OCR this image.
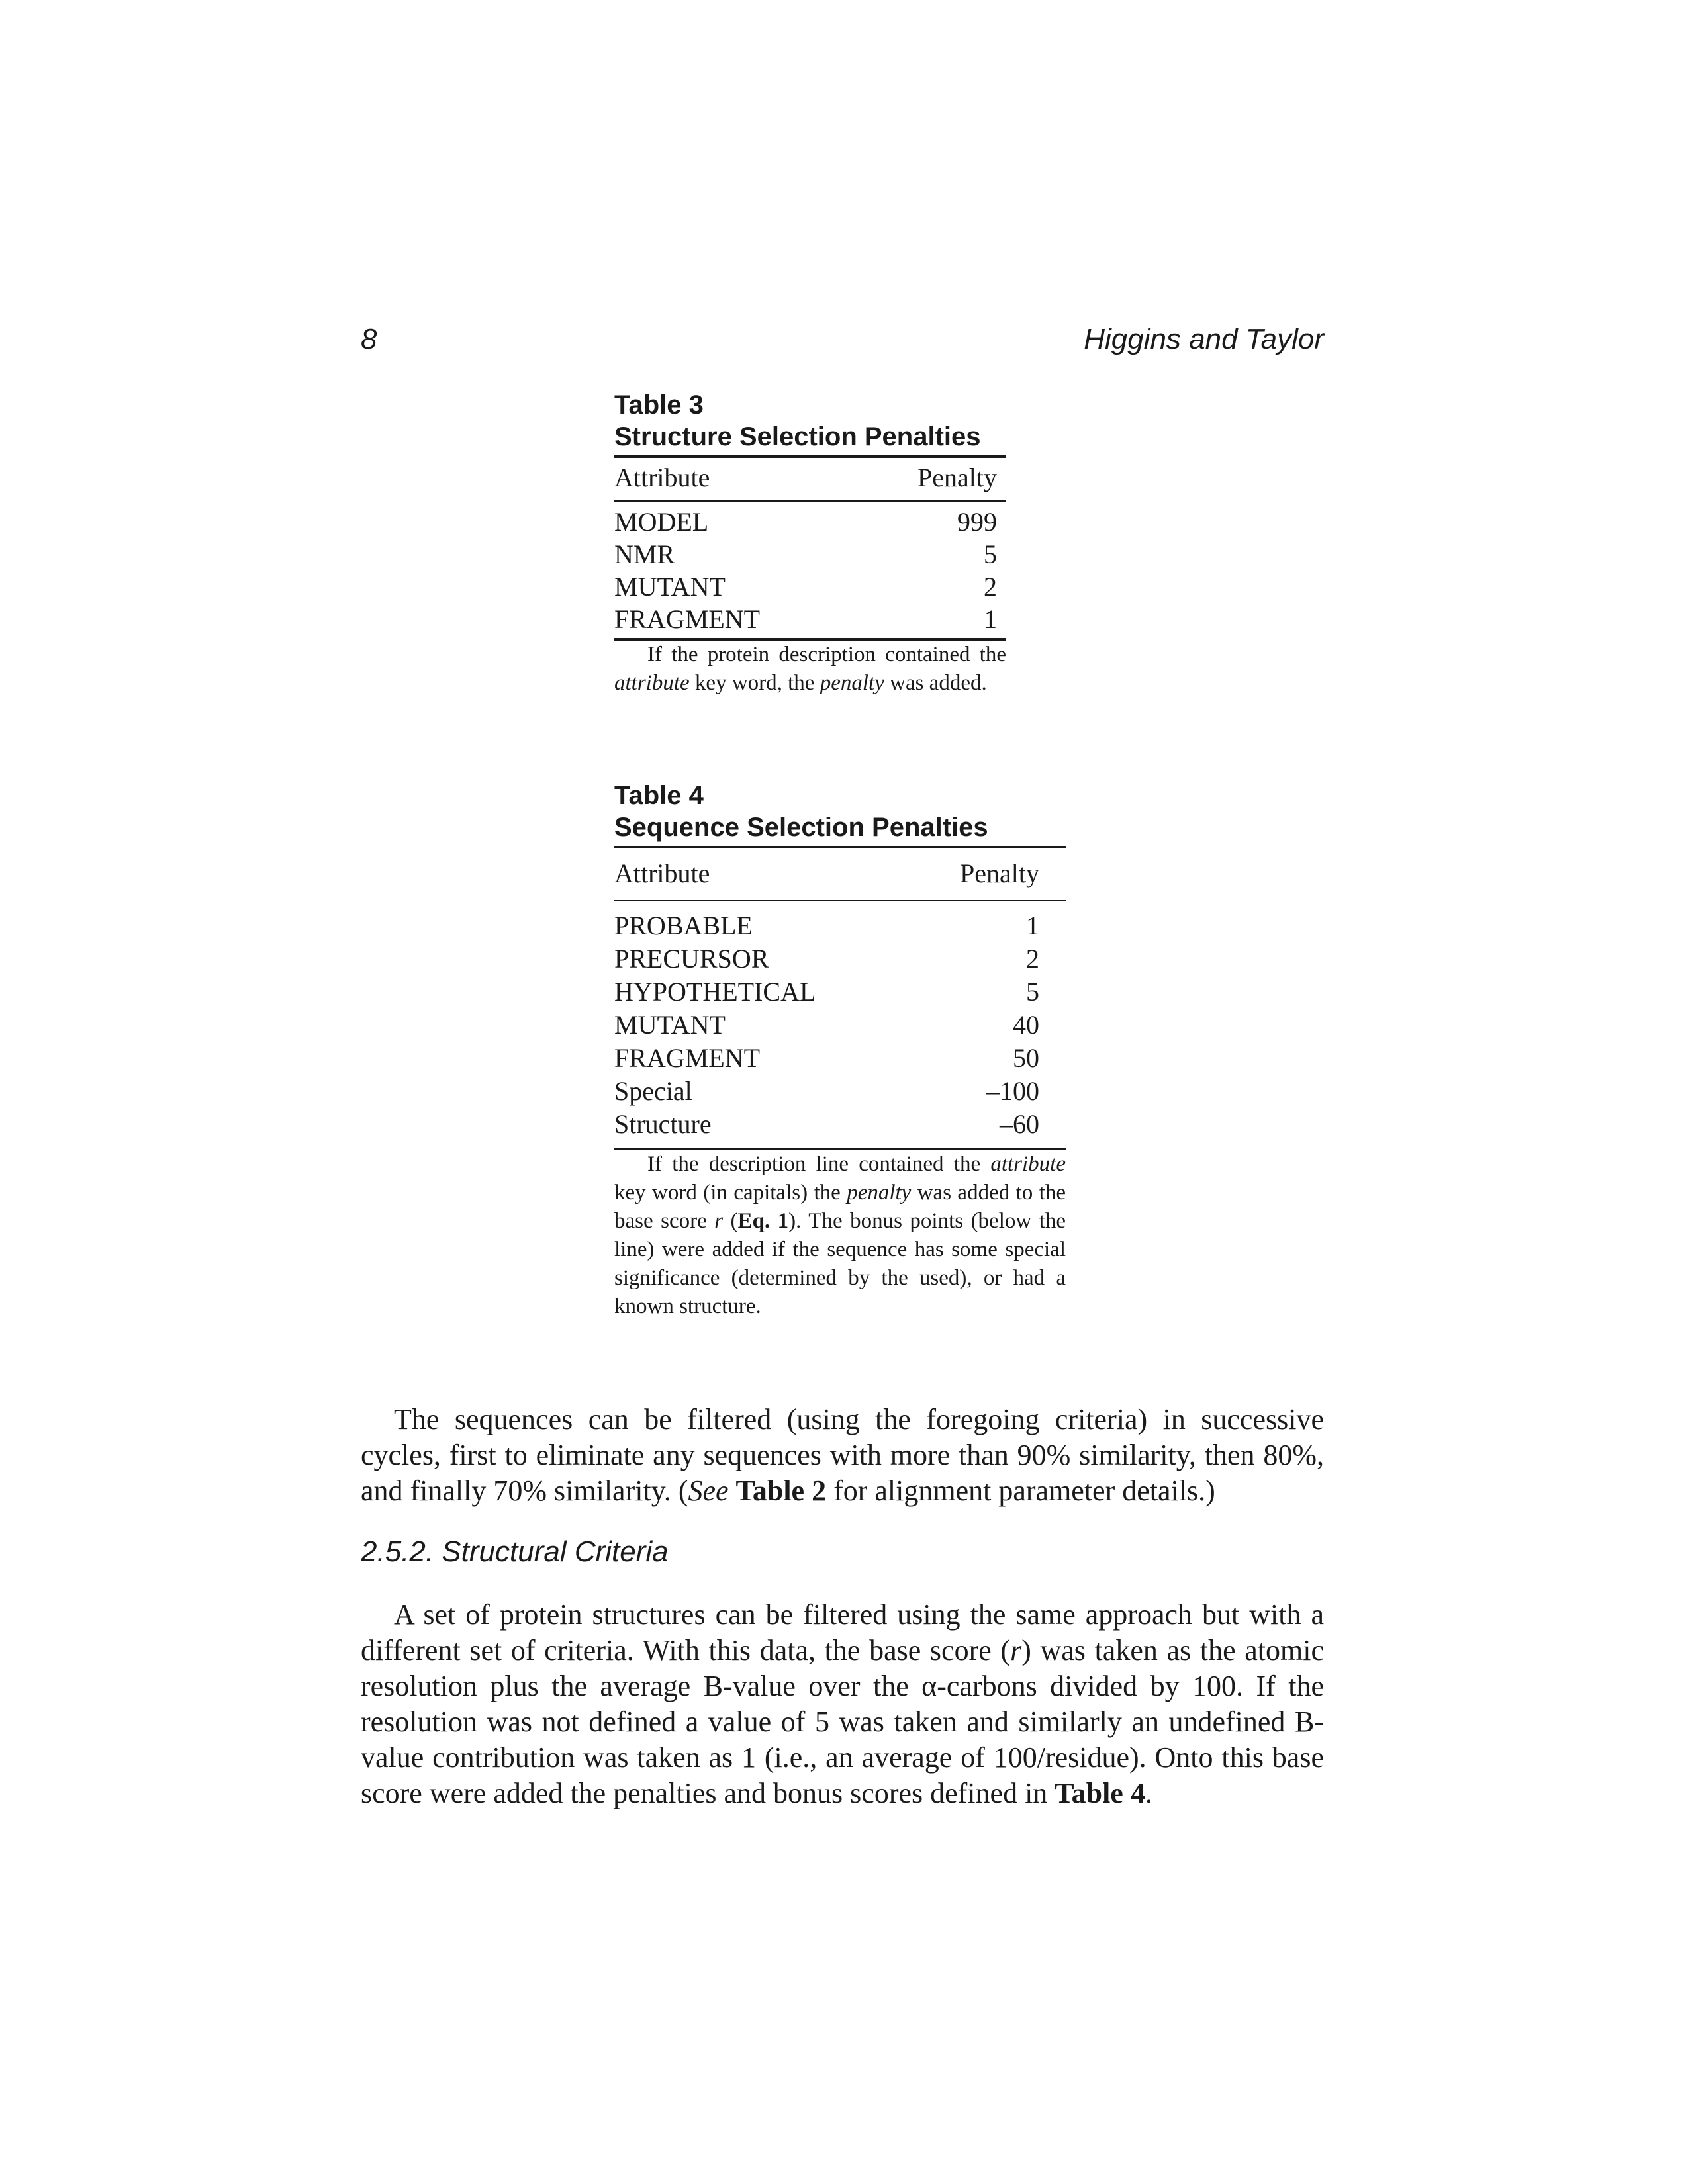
8	Higgins and Taylor
Table 3
Structure Selection Penalties
Attribute	Penalty
MODEL	999
NMR	5
MUTANT	2
FRAGMENT	1
If the protein description contained the attribute key word, the penalty was added.
Table 4
Sequence Selection Penalties
Attribute	Penalty
PROBABLE	1
PRECURSOR	2
HYPOTHETICAL	5
MUTANT	40
FRAGMENT	50
Special	–100
Structure	–60
If the description line contained the attribute key word (in capitals) the penalty was added to the base score r (Eq. 1). The bonus points (below the line) were added if the sequence has some special significance (determined by the used), or had a known structure.
The sequences can be filtered (using the foregoing criteria) in successive cycles, first to eliminate any sequences with more than 90% similarity, then 80%, and finally 70% similarity. (See Table 2 for alignment parameter details.)
2.5.2. Structural Criteria
A set of protein structures can be filtered using the same approach but with a different set of criteria. With this data, the base score (r) was taken as the atomic resolution plus the average B-value over the α-carbons divided by 100. If the resolution was not defined a value of 5 was taken and similarly an undefined B-value contribution was taken as 1 (i.e., an average of 100/residue). Onto this base score were added the penalties and bonus scores defined in Table 4.
